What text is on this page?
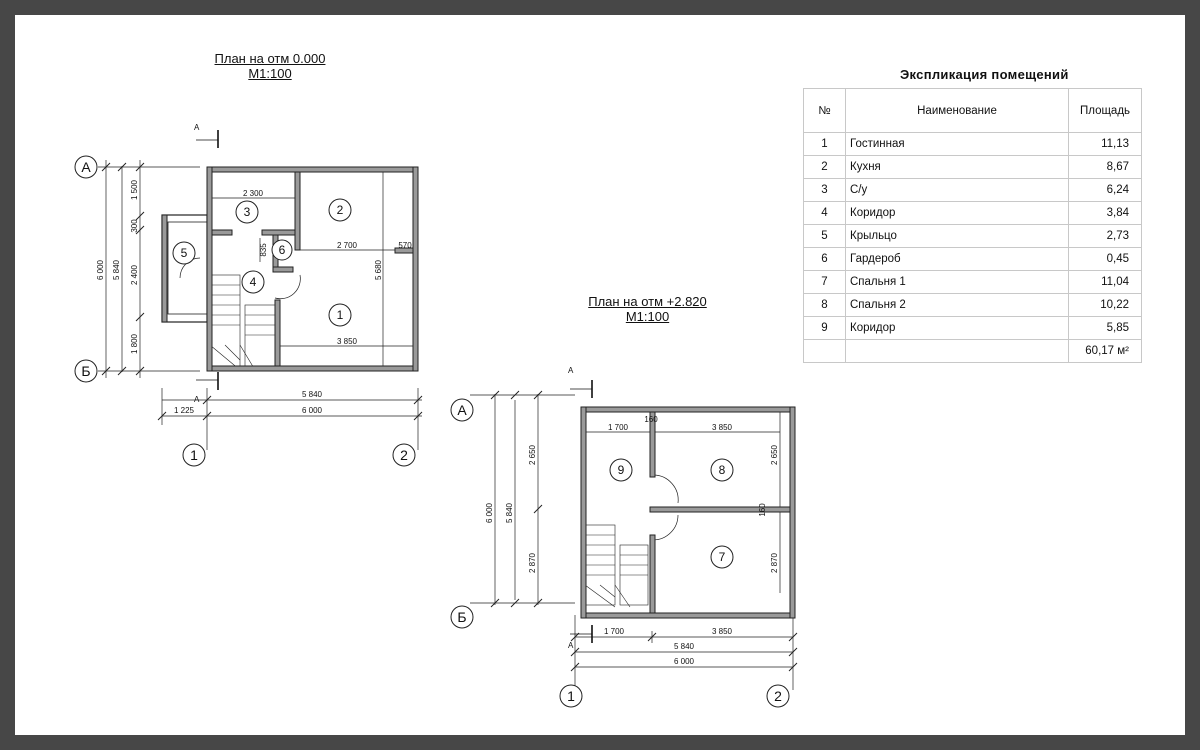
План на отм 0.000
М1:100
План на отм +2.820
М1:100
Экспликация помещений
№	Наименование	Площадь
1	Гостинная	11,13
2	Кухня	8,67
3	С/у	6,24
4	Коридор	3,84
5	Крыльцо	2,73
6	Гардероб	0,45
7	Спальня 1	11,04
8	Спальня 2	10,22
9	Коридор	5,85
		60,17 м²
1
2
3
4
5	6
А
Б
А
А
6 000 5 840
1 500
300
2 400
1 800
5 840
6 000
1 225
2 300
2 700	570
835
5 680
3 850
1	2
9	8
7
А
Б
А
А
6 000 5 840
2 650
2 870
2 650
2 870
160
1 700
160
3 850
1 700	3 850
5 840
6 000
1	2
